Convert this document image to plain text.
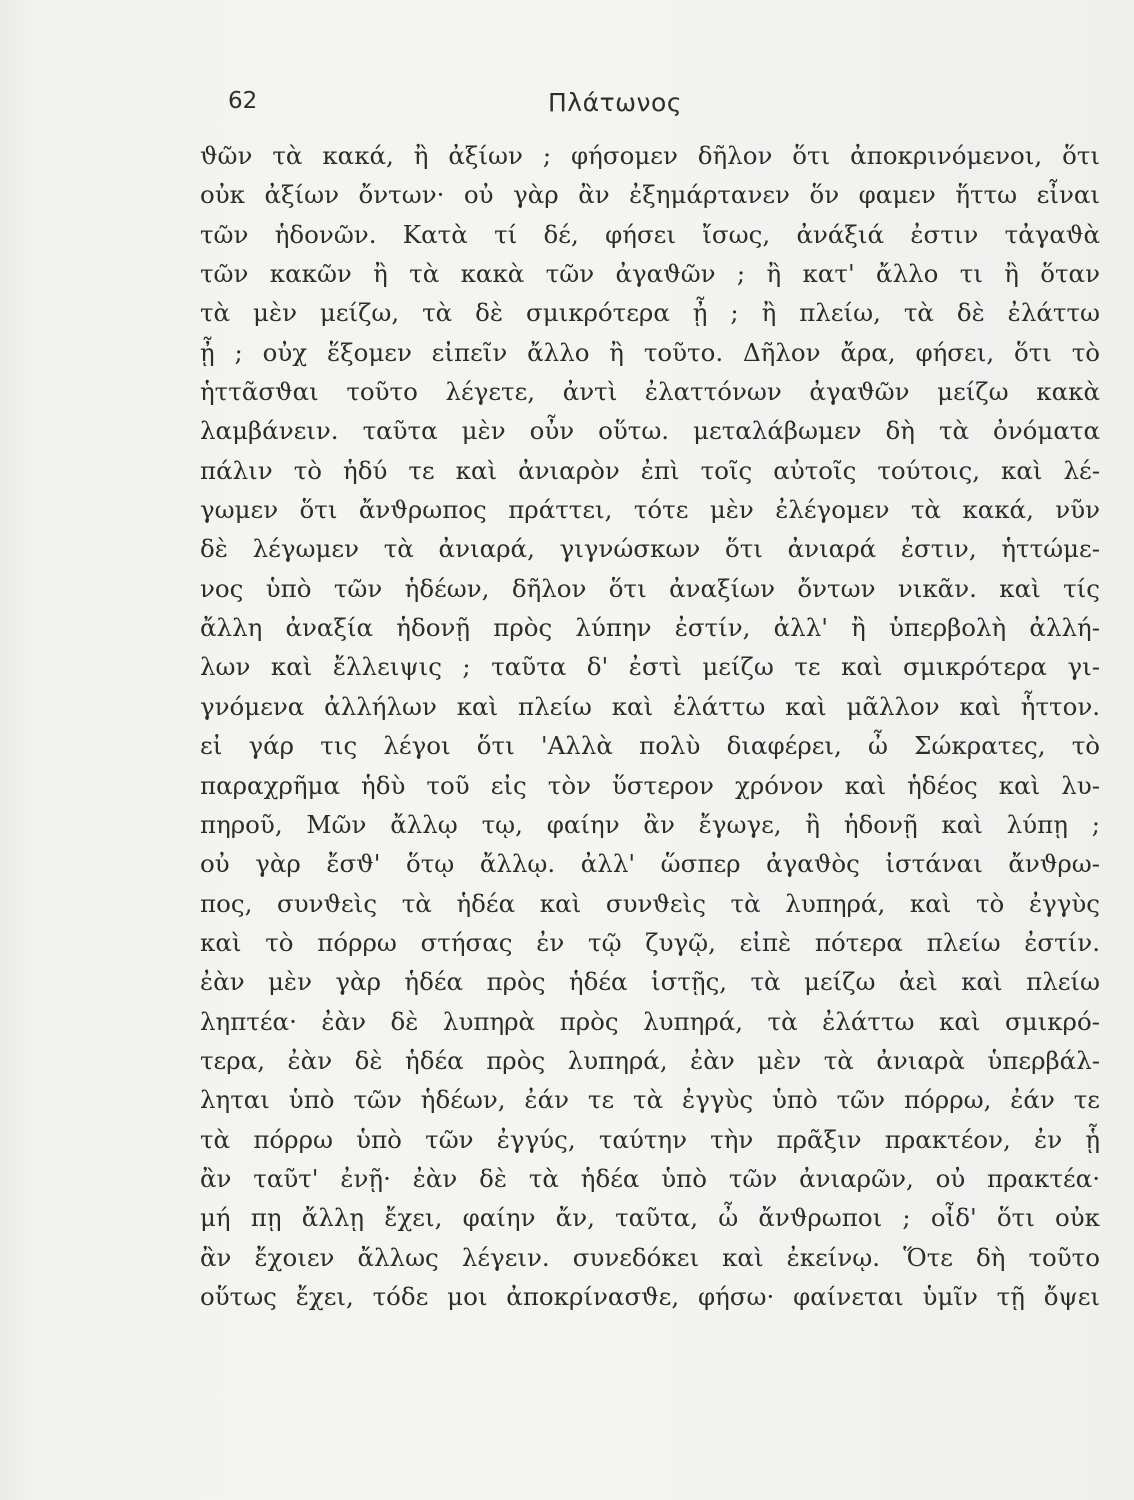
62	Πλάτωνος
ϑῶν τὰ κακά, ἢ ἀξίων ; φήσομεν δῆλον ὅτι ἀποκρινόμενοι, ὅτι
οὐκ ἀξίων ὄντων· οὐ γὰρ ἂν ἐξημάρτανεν ὅν φαμεν ἥττω εἶναι
τῶν ἡδονῶν. Κατὰ τί δέ, φήσει ἴσως, ἀνάξιά ἐστιν τἀγαϑὰ
τῶν κακῶν ἢ τὰ κακὰ τῶν ἀγαϑῶν ; ἢ κατ' ἄλλο τι ἢ ὅταν
τὰ μὲν μείζω, τὰ δὲ σμικρότερα ᾖ ; ἢ πλείω, τὰ δὲ ἐλάττω
ᾖ ; οὐχ ἕξομεν εἰπεῖν ἄλλο ἢ τοῦτο. Δῆλον ἄρα, φήσει, ὅτι τὸ
ἡττᾶσϑαι τοῦτο λέγετε, ἀντὶ ἐλαττόνων ἀγαϑῶν μείζω κακὰ
λαμβάνειν. ταῦτα μὲν οὖν οὕτω. μεταλάβωμεν δὴ τὰ ὀνόματα
πάλιν τὸ ἡδύ τε καὶ ἀνιαρὸν ἐπὶ τοῖς αὐτοῖς τούτοις, καὶ λέ-
γωμεν ὅτι ἄνϑρωπος πράττει, τότε μὲν ἐλέγομεν τὰ κακά, νῦν
δὲ λέγωμεν τὰ ἀνιαρά, γιγνώσκων ὅτι ἀνιαρά ἐστιν, ἡττώμε-
νος ὑπὸ τῶν ἡδέων, δῆλον ὅτι ἀναξίων ὄντων νικᾶν. καὶ τίς
ἄλλη ἀναξία ἡδονῇ πρὸς λύπην ἐστίν, ἀλλ' ἢ ὑπερβολὴ ἀλλή-
λων καὶ ἔλλειψις ; ταῦτα δ' ἐστὶ μείζω τε καὶ σμικρότερα γι-
γνόμενα ἀλλήλων καὶ πλείω καὶ ἐλάττω καὶ μᾶλλον καὶ ἧττον.
εἰ γάρ τις λέγοι ὅτι 'Αλλὰ πολὺ διαφέρει, ὦ Σώκρατες, τὸ
παραχρῆμα ἡδὺ τοῦ εἰς τὸν ὕστερον χρόνον καὶ ἡδέος καὶ λυ-
πηροῦ, Μῶν ἄλλῳ τῳ, φαίην ἂν ἔγωγε, ἢ ἡδονῇ καὶ λύπῃ ;
οὐ γὰρ ἔσϑ' ὅτῳ ἄλλῳ. ἀλλ' ὥσπερ ἀγαϑὸς ἱστάναι ἄνϑρω-
πος, συνϑεὶς τὰ ἡδέα καὶ συνϑεὶς τὰ λυπηρά, καὶ τὸ ἐγγὺς
καὶ τὸ πόρρω στήσας ἐν τῷ ζυγῷ, εἰπὲ πότερα πλείω ἐστίν.
ἐὰν μὲν γὰρ ἡδέα πρὸς ἡδέα ἱστῇς, τὰ μείζω ἀεὶ καὶ πλείω
ληπτέα· ἐὰν δὲ λυπηρὰ πρὸς λυπηρά, τὰ ἐλάττω καὶ σμικρό-
τερα, ἐὰν δὲ ἡδέα πρὸς λυπηρά, ἐὰν μὲν τὰ ἀνιαρὰ ὑπερβάλ-
ληται ὑπὸ τῶν ἡδέων, ἐάν τε τὰ ἐγγὺς ὑπὸ τῶν πόρρω, ἐάν τε
τὰ πόρρω ὑπὸ τῶν ἐγγύς, ταύτην τὴν πρᾶξιν πρακτέον, ἐν ᾗ
ἂν ταῦτ' ἐνῇ· ἐὰν δὲ τὰ ἡδέα ὑπὸ τῶν ἀνιαρῶν, οὐ πρακτέα·
μή πῃ ἄλλῃ ἔχει, φαίην ἄν, ταῦτα, ὦ ἄνϑρωποι ; οἶδ' ὅτι οὐκ
ἂν ἔχοιεν ἄλλως λέγειν. συνεδόκει καὶ ἐκείνῳ. Ὅτε δὴ τοῦτο
οὕτως ἔχει, τόδε μοι ἀποκρίνασϑε, φήσω· φαίνεται ὑμῖν τῇ ὄψει
